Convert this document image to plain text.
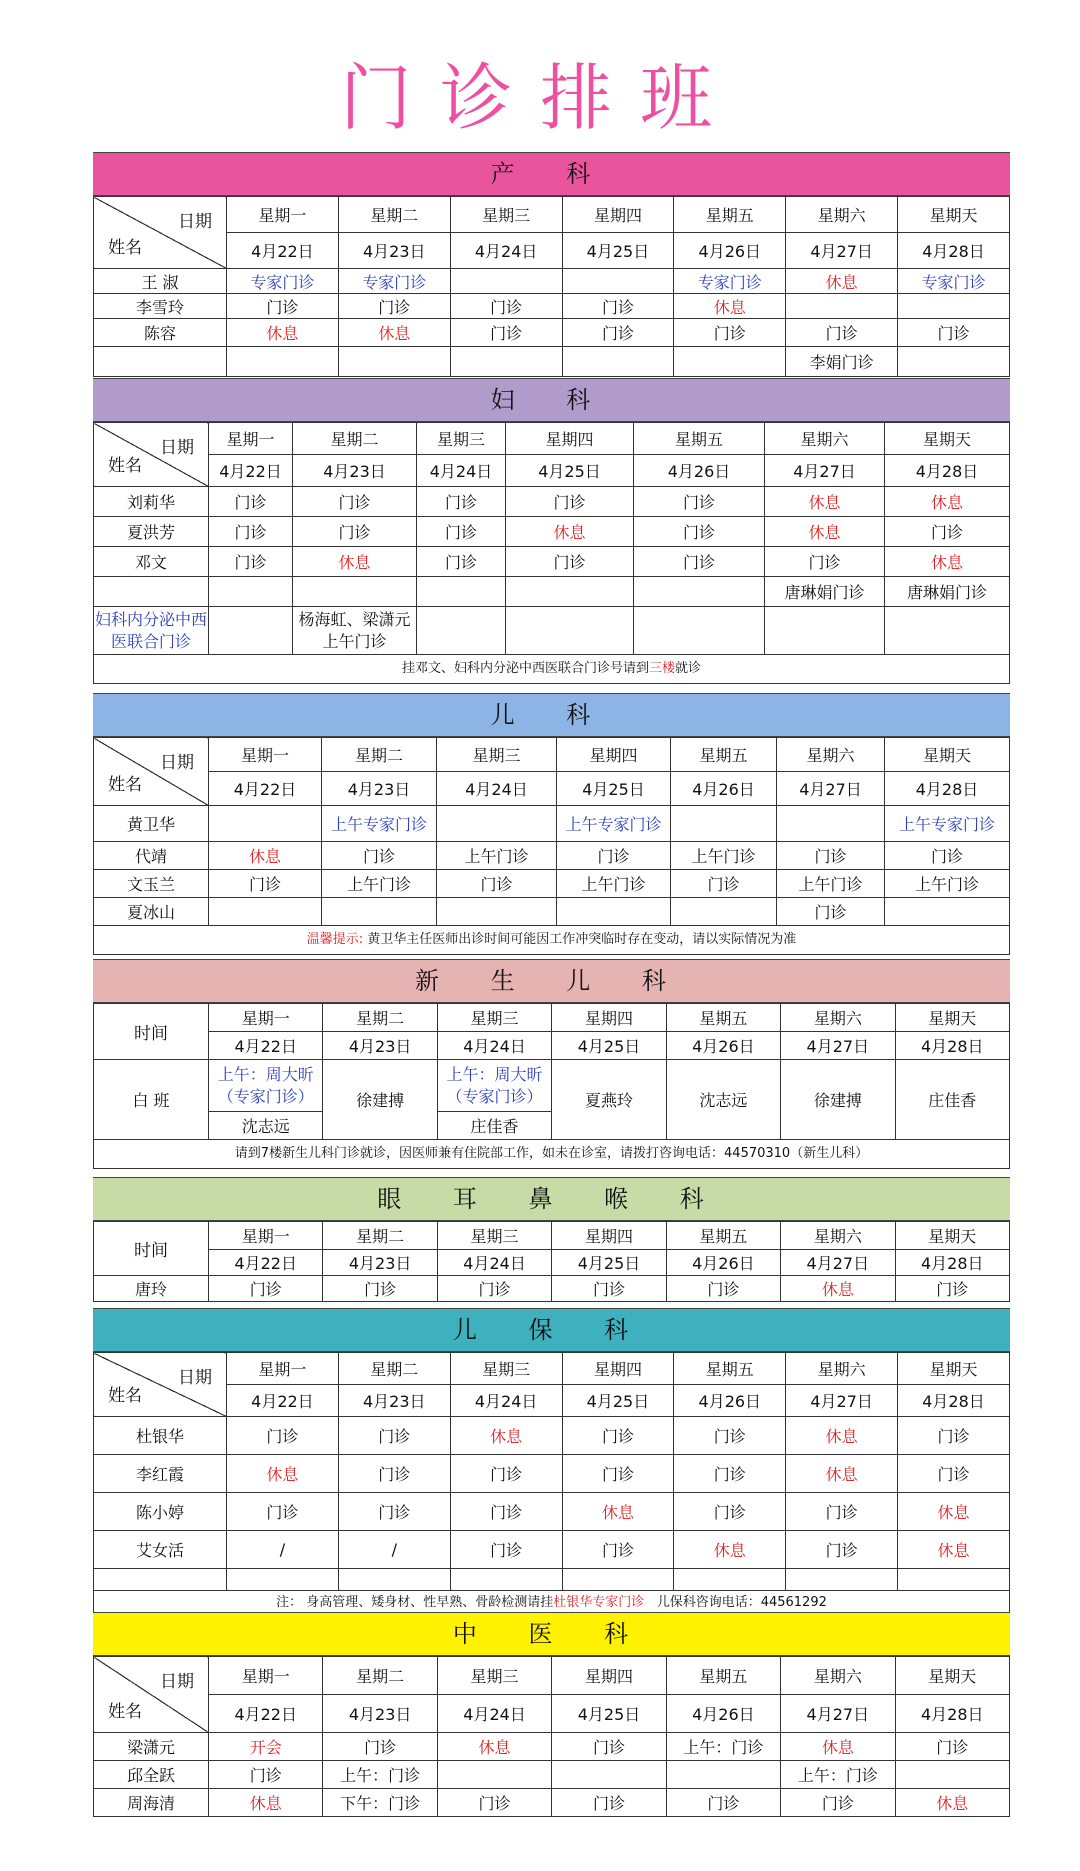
门诊排班
产 科
日期
姓名	星期一	星期二	星期三	星期四	星期五	星期六	星期天
	4月22日	4月23日	4月24日	4月25日	4月26日	4月27日	4月28日
王 淑	专家门诊	专家门诊			专家门诊	休息	专家门诊
李雪玲	门诊	门诊	门诊	门诊	休息		
陈容	休息	休息	门诊	门诊	门诊	门诊	门诊
						李娟门诊	
妇 科
日期
姓名	星期一	星期二	星期三	星期四	星期五	星期六	星期天
	4月22日	4月23日	4月24日	4月25日	4月26日	4月27日	4月28日
刘莉华	门诊	门诊	门诊	门诊	门诊	休息	休息
夏洪芳	门诊	门诊	门诊	休息	门诊	休息	门诊
邓文	门诊	休息	门诊	门诊	门诊	门诊	休息
						唐琳娟门诊	唐琳娟门诊
妇科内分泌中西医联合门诊		杨海虹、梁潇元上午门诊					
挂邓文、妇科内分泌中西医联合门诊号请到三楼就诊
儿 科
日期
姓名	星期一	星期二	星期三	星期四	星期五	星期六	星期天
	4月22日	4月23日	4月24日	4月25日	4月26日	4月27日	4月28日
黄卫华		上午专家门诊		上午专家门诊			上午专家门诊
代靖	休息	门诊	上午门诊	门诊	上午门诊	门诊	门诊
文玉兰	门诊	上午门诊	门诊	上午门诊	门诊	上午门诊	上午门诊
夏冰山						门诊	
温馨提示: 黄卫华主任医师出诊时间可能因工作冲突临时存在变动，请以实际情况为准
新 生 儿 科
时间	星期一	星期二	星期三	星期四	星期五	星期六	星期天
	4月22日	4月23日	4月24日	4月25日	4月26日	4月27日	4月28日
白 班	上午：周大昕（专家门诊）	徐建搏	上午：周大昕（专家门诊）	夏燕玲	沈志远	徐建搏	庄佳香
	沈志远		庄佳香				
请到7楼新生儿科门诊就诊，因医师兼有住院部工作，如未在诊室，请拨打咨询电话：44570310（新生儿科）
眼 耳 鼻 喉 科
时间	星期一	星期二	星期三	星期四	星期五	星期六	星期天
	4月22日	4月23日	4月24日	4月25日	4月26日	4月27日	4月28日
唐玲	门诊	门诊	门诊	门诊	门诊	休息	门诊
儿 保 科
日期
姓名	星期一	星期二	星期三	星期四	星期五	星期六	星期天
	4月22日	4月23日	4月24日	4月25日	4月26日	4月27日	4月28日
杜银华	门诊	门诊	休息	门诊	门诊	休息	门诊
李红霞	休息	门诊	门诊	门诊	门诊	休息	门诊
陈小婷	门诊	门诊	门诊	休息	门诊	门诊	休息
艾女活	/	/	门诊	门诊	休息	门诊	休息

注： 身高管理、矮身材、性早熟、骨龄检测请挂杜银华专家门诊 儿保科咨询电话：44561292
中 医 科
日期
姓名	星期一	星期二	星期三	星期四	星期五	星期六	星期天
	4月22日	4月23日	4月24日	4月25日	4月26日	4月27日	4月28日
梁潇元	开会	门诊	休息	门诊	上午：门诊	休息	门诊
邱全跃	门诊	上午：门诊				上午：门诊	
周海清	休息	下午：门诊	门诊	门诊	门诊	门诊	休息
